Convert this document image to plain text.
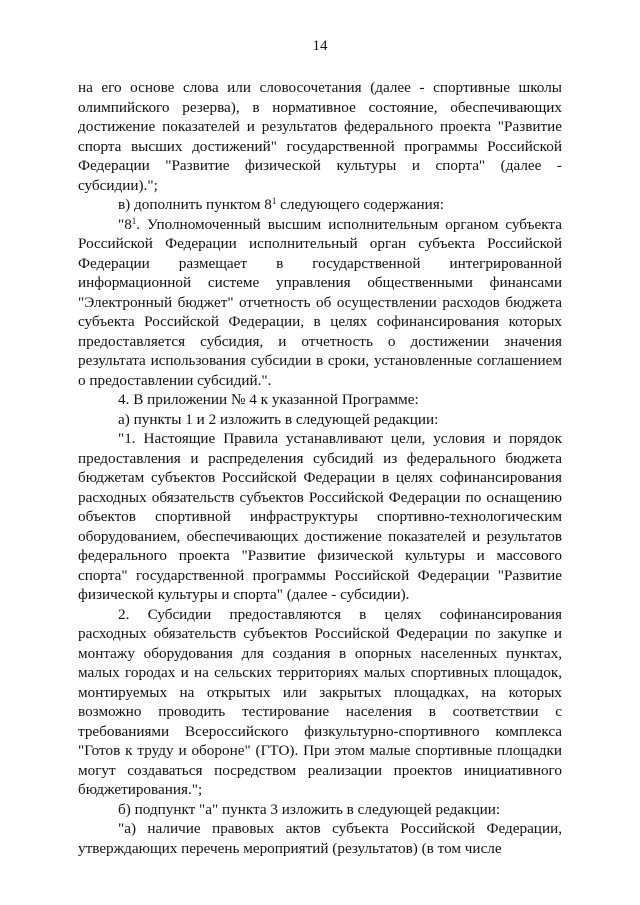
14

на его основе слова или словосочетания (далее - спортивные школы олимпийского резерва), в нормативное состояние, обеспечивающих достижение показателей и результатов федерального проекта "Развитие спорта высших достижений" государственной программы Российской Федерации "Развитие физической культуры и спорта" (далее - субсидии).";

в) дополнить пунктом $8^1$ следующего содержания:

"$8^1$. Уполномоченный высшим исполнительным органом субъекта Российской Федерации исполнительный орган субъекта Российской Федерации размещает в государственной интегрированной информационной системе управления общественными финансами "Электронный бюджет" отчетность об осуществлении расходов бюджета субъекта Российской Федерации, в целях софинансирования которых предоставляется субсидия, и отчетность о достижении значения результата использования субсидии в сроки, установленные соглашением о предоставлении субсидий.".

4. В приложении № 4 к указанной Программе:

а) пункты 1 и 2 изложить в следующей редакции:

"1. Настоящие Правила устанавливают цели, условия и порядок предоставления и распределения субсидий из федерального бюджета бюджетам субъектов Российской Федерации в целях софинансирования расходных обязательств субъектов Российской Федерации по оснащению объектов спортивной инфраструктуры спортивно-технологическим оборудованием, обеспечивающих достижение показателей и результатов федерального проекта "Развитие физической культуры и массового спорта" государственной программы Российской Федерации "Развитие физической культуры и спорта" (далее - субсидии).

2. Субсидии предоставляются в целях софинансирования расходных обязательств субъектов Российской Федерации по закупке и монтажу оборудования для создания в опорных населенных пунктах, малых городах и на сельских территориях малых спортивных площадок, монтируемых на открытых или закрытых площадках, на которых возможно проводить тестирование населения в соответствии с требованиями Всероссийского физкультурно-спортивного комплекса "Готов к труду и обороне" (ГТО). При этом малые спортивные площадки могут создаваться посредством реализации проектов инициативного бюджетирования.";

б) подпункт "а" пункта 3 изложить в следующей редакции:

"а) наличие правовых актов субъекта Российской Федерации, утверждающих перечень мероприятий (результатов) (в том числе
